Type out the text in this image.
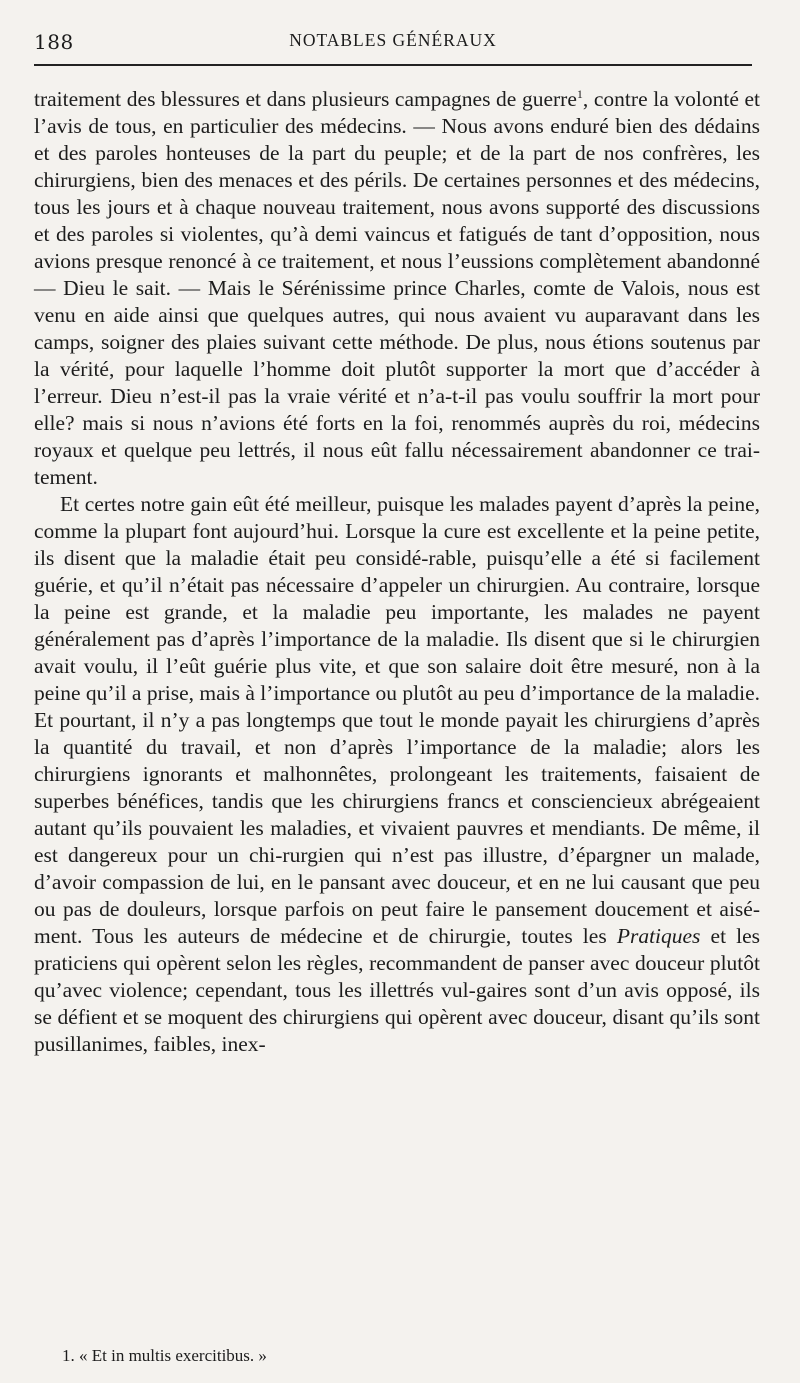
188	NOTABLES GÉNÉRAUX

traitement des blessures et dans plusieurs campagnes de guerre$^1$, contre la volonté et l’avis de tous, en particulier des médecins. — Nous avons enduré bien des dédains et des paroles honteuses de la part du peuple; et de la part de nos confrères, les chirurgiens, bien des menaces et des périls. De certaines personnes et des médecins, tous les jours et à chaque nouveau traitement, nous avons supporté des discussions et des paroles si violentes, qu’à demi vaincus et fatigués de tant d’opposition, nous avions presque renoncé à ce traitement, et nous l’eussions complètement abandonné — Dieu le sait. — Mais le Sérénissime prince Charles, comte de Valois, nous est venu en aide ainsi que quelques autres, qui nous avaient vu auparavant dans les camps, soigner des plaies suivant cette méthode. De plus, nous étions soutenus par la vérité, pour laquelle l’homme doit plutôt supporter la mort que d’accéder à l’erreur. Dieu n’est-il pas la vraie vérité et n’a-t-il pas voulu souffrir la mort pour elle? mais si nous n’avions été forts en la foi, renommés auprès du roi, médecins royaux et quelque peu lettrés, il nous eût fallu nécessairement abandonner ce trai-tement.

Et certes notre gain eût été meilleur, puisque les malades payent d’après la peine, comme la plupart font aujourd’hui. Lorsque la cure est excellente et la peine petite, ils disent que la maladie était peu considé-rable, puisqu’elle a été si facilement guérie, et qu’il n’était pas nécessaire d’appeler un chirurgien. Au contraire, lorsque la peine est grande, et la maladie peu importante, les malades ne payent généralement pas d’après l’importance de la maladie. Ils disent que si le chirurgien avait voulu, il l’eût guérie plus vite, et que son salaire doit être mesuré, non à la peine qu’il a prise, mais à l’importance ou plutôt au peu d’importance de la maladie. Et pourtant, il n’y a pas longtemps que tout le monde payait les chirurgiens d’après la quantité du travail, et non d’après l’importance de la maladie; alors les chirurgiens ignorants et malhonnêtes, prolongeant les traitements, faisaient de superbes bénéfices, tandis que les chirurgiens francs et consciencieux abrégeaient autant qu’ils pouvaient les maladies, et vivaient pauvres et mendiants. De même, il est dangereux pour un chi-rurgien qui n’est pas illustre, d’épargner un malade, d’avoir compassion de lui, en le pansant avec douceur, et en ne lui causant que peu ou pas de douleurs, lorsque parfois on peut faire le pansement doucement et aisé-ment. Tous les auteurs de médecine et de chirurgie, toutes les Pratiques et les praticiens qui opèrent selon les règles, recommandent de panser avec douceur plutôt qu’avec violence; cependant, tous les illettrés vul-gaires sont d’un avis opposé, ils se défient et se moquent des chirurgiens qui opèrent avec douceur, disant qu’ils sont pusillanimes, faibles, inex-

1. « Et in multis exercitibus. »
